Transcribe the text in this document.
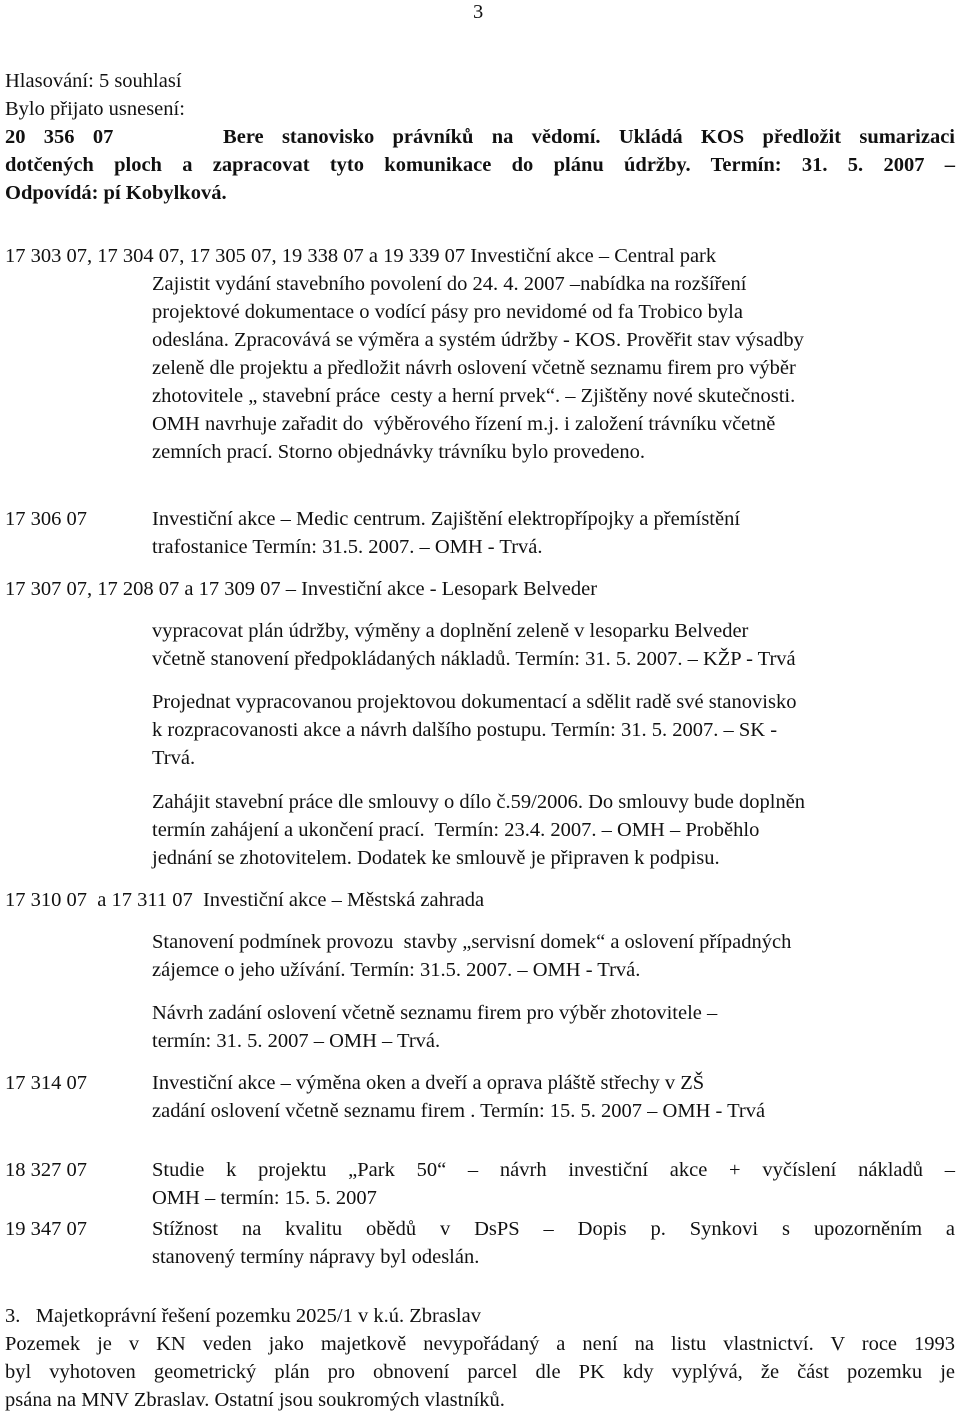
3
Hlasování: 5 souhlasí
Bylo přijato usnesení:
20 356 07      Bere stanovisko právníků na vědomí. Ukládá KOS předložit sumarizaci
dotčených ploch a zapracovat tyto komunikace do plánu údržby. Termín: 31. 5. 2007 –
Odpovídá: pí Kobylková.
17 303 07, 17 304 07, 17 305 07, 19 338 07 a 19 339 07 Investiční akce – Central park
Zajistit vydání stavebního povolení do 24. 4. 2007 –nabídka na rozšíření
projektové dokumentace o vodící pásy pro nevidomé od fa Trobico byla
odeslána. Zpracovává se výměra a systém údržby - KOS. Prověřit stav výsadby
zeleně dle projektu a předložit návrh oslovení včetně seznamu firem pro výběr
zhotovitele „ stavební práce  cesty a herní prvek“. – Zjištěny nové skutečnosti.
OMH navrhuje zařadit do  výběrového řízení m.j. i založení trávníku včetně
zemních prací. Storno objednávky trávníku bylo provedeno.
17 306 07	Investiční akce – Medic centrum. Zajištění elektropřípojky a přemístění
trafostanice Termín: 31.5. 2007. – OMH - Trvá.
17 307 07, 17 208 07 a 17 309 07 – Investiční akce - Lesopark Belveder
vypracovat plán údržby, výměny a doplnění zeleně v lesoparku Belveder
včetně stanovení předpokládaných nákladů. Termín: 31. 5. 2007. – KŽP - Trvá
Projednat vypracovanou projektovou dokumentací a sdělit radě své stanovisko
k rozpracovanosti akce a návrh dalšího postupu. Termín: 31. 5. 2007. – SK -
Trvá.
Zahájit stavební práce dle smlouvy o dílo č.59/2006. Do smlouvy bude doplněn
termín zahájení a ukončení prací.  Termín: 23.4. 2007. – OMH – Proběhlo
jednání se zhotovitelem. Dodatek ke smlouvě je připraven k podpisu.
17 310 07  a 17 311 07  Investiční akce – Městská zahrada
Stanovení podmínek provozu  stavby „servisní domek“ a oslovení případných
zájemce o jeho užívání. Termín: 31.5. 2007. – OMH - Trvá.
Návrh zadání oslovení včetně seznamu firem pro výběr zhotovitele –
termín: 31. 5. 2007 – OMH – Trvá.
17 314 07	Investiční akce – výměna oken a dveří a oprava pláště střechy v ZŠ
zadání oslovení včetně seznamu firem . Termín: 15. 5. 2007 – OMH - Trvá
18 327 07	Studie k projektu „Park 50“ – návrh investiční akce + vyčíslení nákladů –
OMH – termín: 15. 5. 2007
19 347 07	Stížnost na kvalitu obědů v DsPS – Dopis p. Synkovi s upozorněním a
stanovený termíny nápravy byl odeslán.
3.   Majetkoprávní řešení pozemku 2025/1 v k.ú. Zbraslav
Pozemek je v KN veden jako majetkově nevypořádaný a není na listu vlastnictví. V roce 1993
byl vyhotoven geometrický plán pro obnovení parcel dle PK kdy vyplývá, že část pozemku je
psána na MNV Zbraslav. Ostatní jsou soukromých vlastníků.
